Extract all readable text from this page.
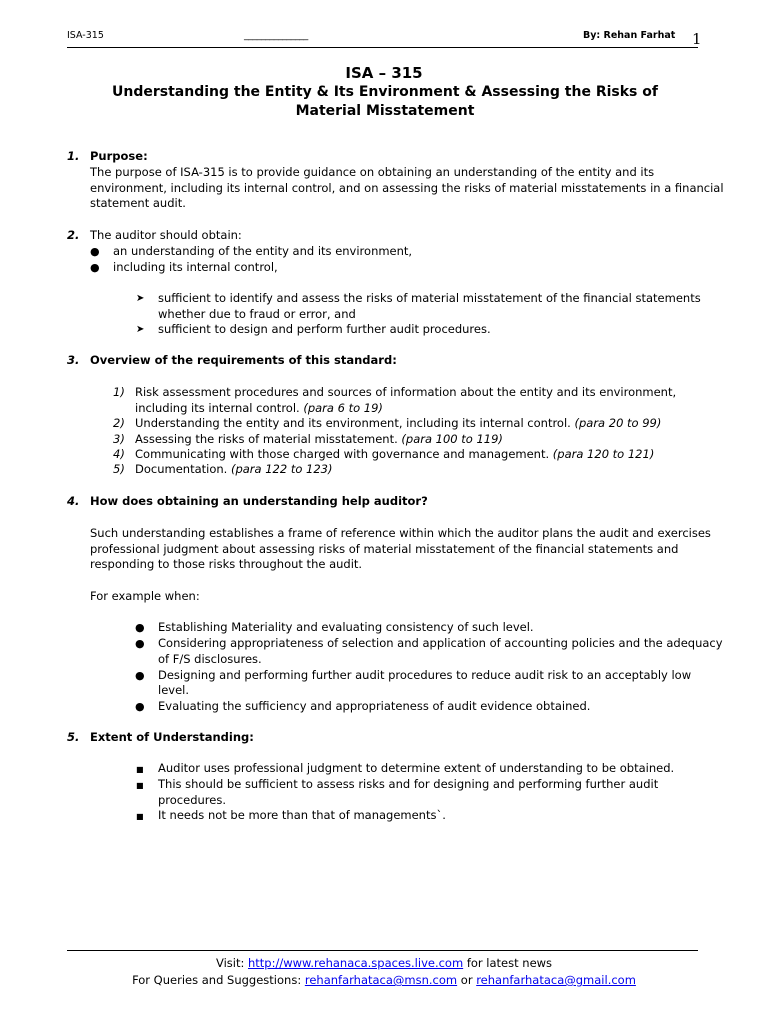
ISA-315	_______________	By: Rehan Farhat 1
ISA – 315
Understanding the Entity & Its Environment & Assessing the Risks of Material Misstatement
1. Purpose:
The purpose of ISA-315 is to provide guidance on obtaining an understanding of the entity and its
environment, including its internal control, and on assessing the risks of material misstatements in a financial
statement audit.
2. The auditor should obtain:
● an understanding of the entity and its environment,
● including its internal control,
➤ sufficient to identify and assess the risks of material misstatement of the financial statements
whether due to fraud or error, and
➤ sufficient to design and perform further audit procedures.
3. Overview of the requirements of this standard:
1) Risk assessment procedures and sources of information about the entity and its environment,
including its internal control. (para 6 to 19)
2) Understanding the entity and its environment, including its internal control. (para 20 to 99)
3) Assessing the risks of material misstatement. (para 100 to 119)
4) Communicating with those charged with governance and management. (para 120 to 121)
5) Documentation. (para 122 to 123)
4. How does obtaining an understanding help auditor?
Such understanding establishes a frame of reference within which the auditor plans the audit and exercises
professional judgment about assessing risks of material misstatement of the financial statements and
responding to those risks throughout the audit.
For example when:
● Establishing Materiality and evaluating consistency of such level.
● Considering appropriateness of selection and application of accounting policies and the adequacy
of F/S disclosures.
● Designing and performing further audit procedures to reduce audit risk to an acceptably low
level.
● Evaluating the sufficiency and appropriateness of audit evidence obtained.
5. Extent of Understanding:
■ Auditor uses professional judgment to determine extent of understanding to be obtained.
■ This should be sufficient to assess risks and for designing and performing further audit
procedures.
■ It needs not be more than that of managements`.
Visit: http://www.rehanaca.spaces.live.com for latest news
For Queries and Suggestions: rehanfarhataca@msn.com or rehanfarhataca@gmail.com
